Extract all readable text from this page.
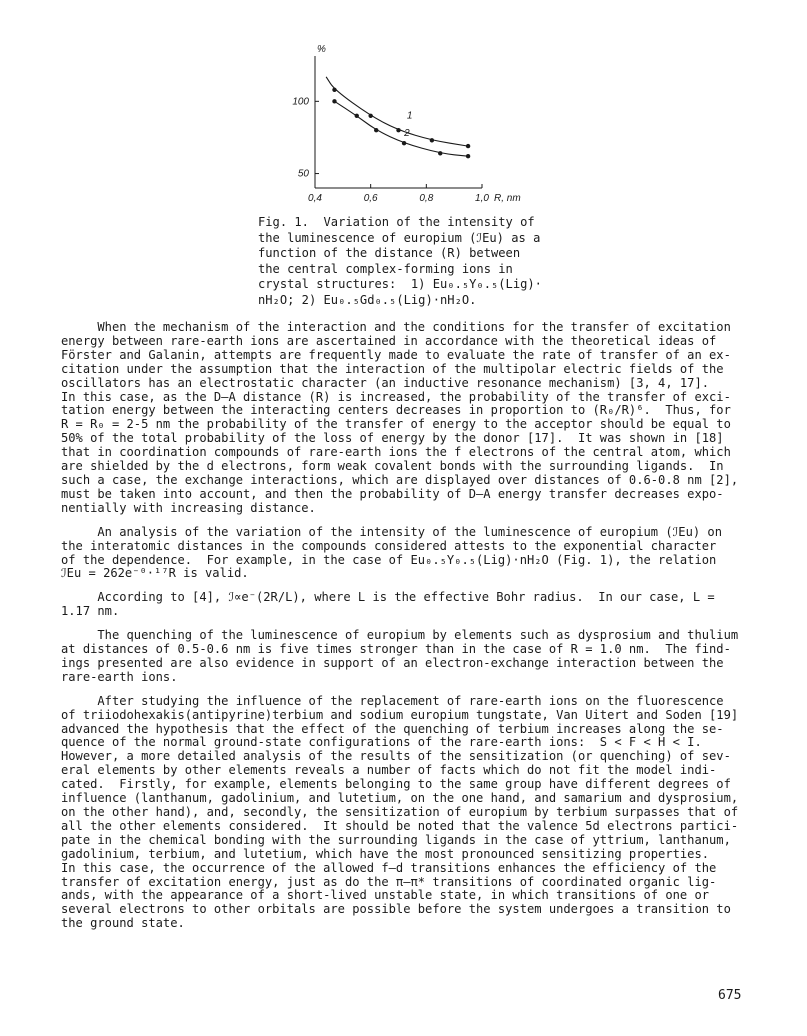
%
0,4	0,6	0,8	1,0 R, nm
100
50
1
2
Fig. 1.  Variation of the intensity of
the luminescence of europium (ℐEu) as a
function of the distance (R) between
the central complex-forming ions in
crystal structures:  1) Eu₀.₅Y₀.₅(Lig)·
nH₂O; 2) Eu₀.₅Gd₀.₅(Lig)·nH₂O.
When the mechanism of the interaction and the conditions for the transfer of excitation
energy between rare-earth ions are ascertained in accordance with the theoretical ideas of
Förster and Galanin, attempts are frequently made to evaluate the rate of transfer of an ex-
citation under the assumption that the interaction of the multipolar electric fields of the
oscillators has an electrostatic character (an inductive resonance mechanism) [3, 4, 17].
In this case, as the D—A distance (R) is increased, the probability of the transfer of exci-
tation energy between the interacting centers decreases in proportion to (R₀/R)⁶.  Thus, for
R = R₀ = 2-5 nm the probability of the transfer of energy to the acceptor should be equal to
50% of the total probability of the loss of energy by the donor [17].  It was shown in [18]
that in coordination compounds of rare-earth ions the f electrons of the central atom, which
are shielded by the d electrons, form weak covalent bonds with the surrounding ligands.  In
such a case, the exchange interactions, which are displayed over distances of 0.6-0.8 nm [2],
must be taken into account, and then the probability of D—A energy transfer decreases expo-
nentially with increasing distance.
An analysis of the variation of the intensity of the luminescence of europium (ℐEu) on
the interatomic distances in the compounds considered attests to the exponential character
of the dependence.  For example, in the case of Eu₀.₅Y₀.₅(Lig)·nH₂O (Fig. 1), the relation
ℐEu = 262e⁻⁰·¹⁷R is valid.
According to [4], ℐ∝e⁻(2R/L), where L is the effective Bohr radius.  In our case, L =
1.17 nm.
The quenching of the luminescence of europium by elements such as dysprosium and thulium
at distances of 0.5-0.6 nm is five times stronger than in the case of R = 1.0 nm.  The find-
ings presented are also evidence in support of an electron-exchange interaction between the
rare-earth ions.
After studying the influence of the replacement of rare-earth ions on the fluorescence
of triiodohexakis(antipyrine)terbium and sodium europium tungstate, Van Uitert and Soden [19]
advanced the hypothesis that the effect of the quenching of terbium increases along the se-
quence of the normal ground-state configurations of the rare-earth ions:  S < F < H < I.
However, a more detailed analysis of the results of the sensitization (or quenching) of sev-
eral elements by other elements reveals a number of facts which do not fit the model indi-
cated.  Firstly, for example, elements belonging to the same group have different degrees of
influence (lanthanum, gadolinium, and lutetium, on the one hand, and samarium and dysprosium,
on the other hand), and, secondly, the sensitization of europium by terbium surpasses that of
all the other elements considered.  It should be noted that the valence 5d electrons partici-
pate in the chemical bonding with the surrounding ligands in the case of yttrium, lanthanum,
gadolinium, terbium, and lutetium, which have the most pronounced sensitizing properties.
In this case, the occurrence of the allowed f—d transitions enhances the efficiency of the
transfer of excitation energy, just as do the π—π* transitions of coordinated organic lig-
ands, with the appearance of a short-lived unstable state, in which transitions of one or
several electrons to other orbitals are possible before the system undergoes a transition to
the ground state.
675
